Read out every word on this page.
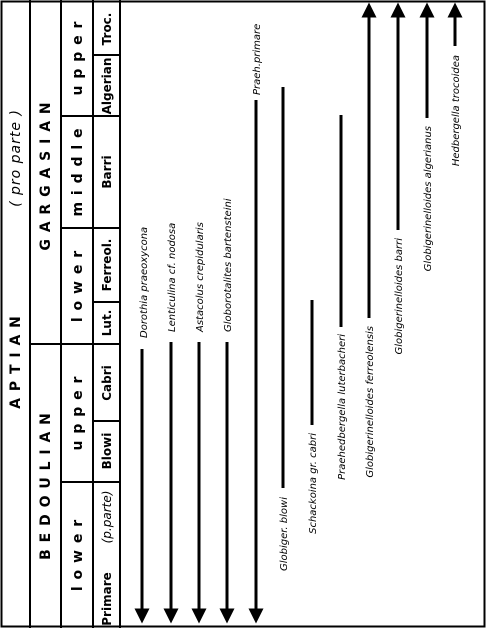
A P T I A N
( pro parte )
B E D O U L I A N
G A R G A S I A N
l o w e r
u p p e r
l o w e r
m i d d l e
u p p e r
Primare
(p.parte)
Blowi
Cabri
Lut.
Ferreol.
Barri
Algerian
Troc.
Dorothia praeoxycona Lenticulina cf. nodosa Astacolus crepidularis Globorotalites bartensteini
Praeh.primare
Globiger. blowi
Schackoina gr. cabri
Praehedbergella luterbacheri Globigerinelloides ferreolensis
Globigerinelloides barri
Globigerinelloides algerianus
Hedbergella trocoidea
